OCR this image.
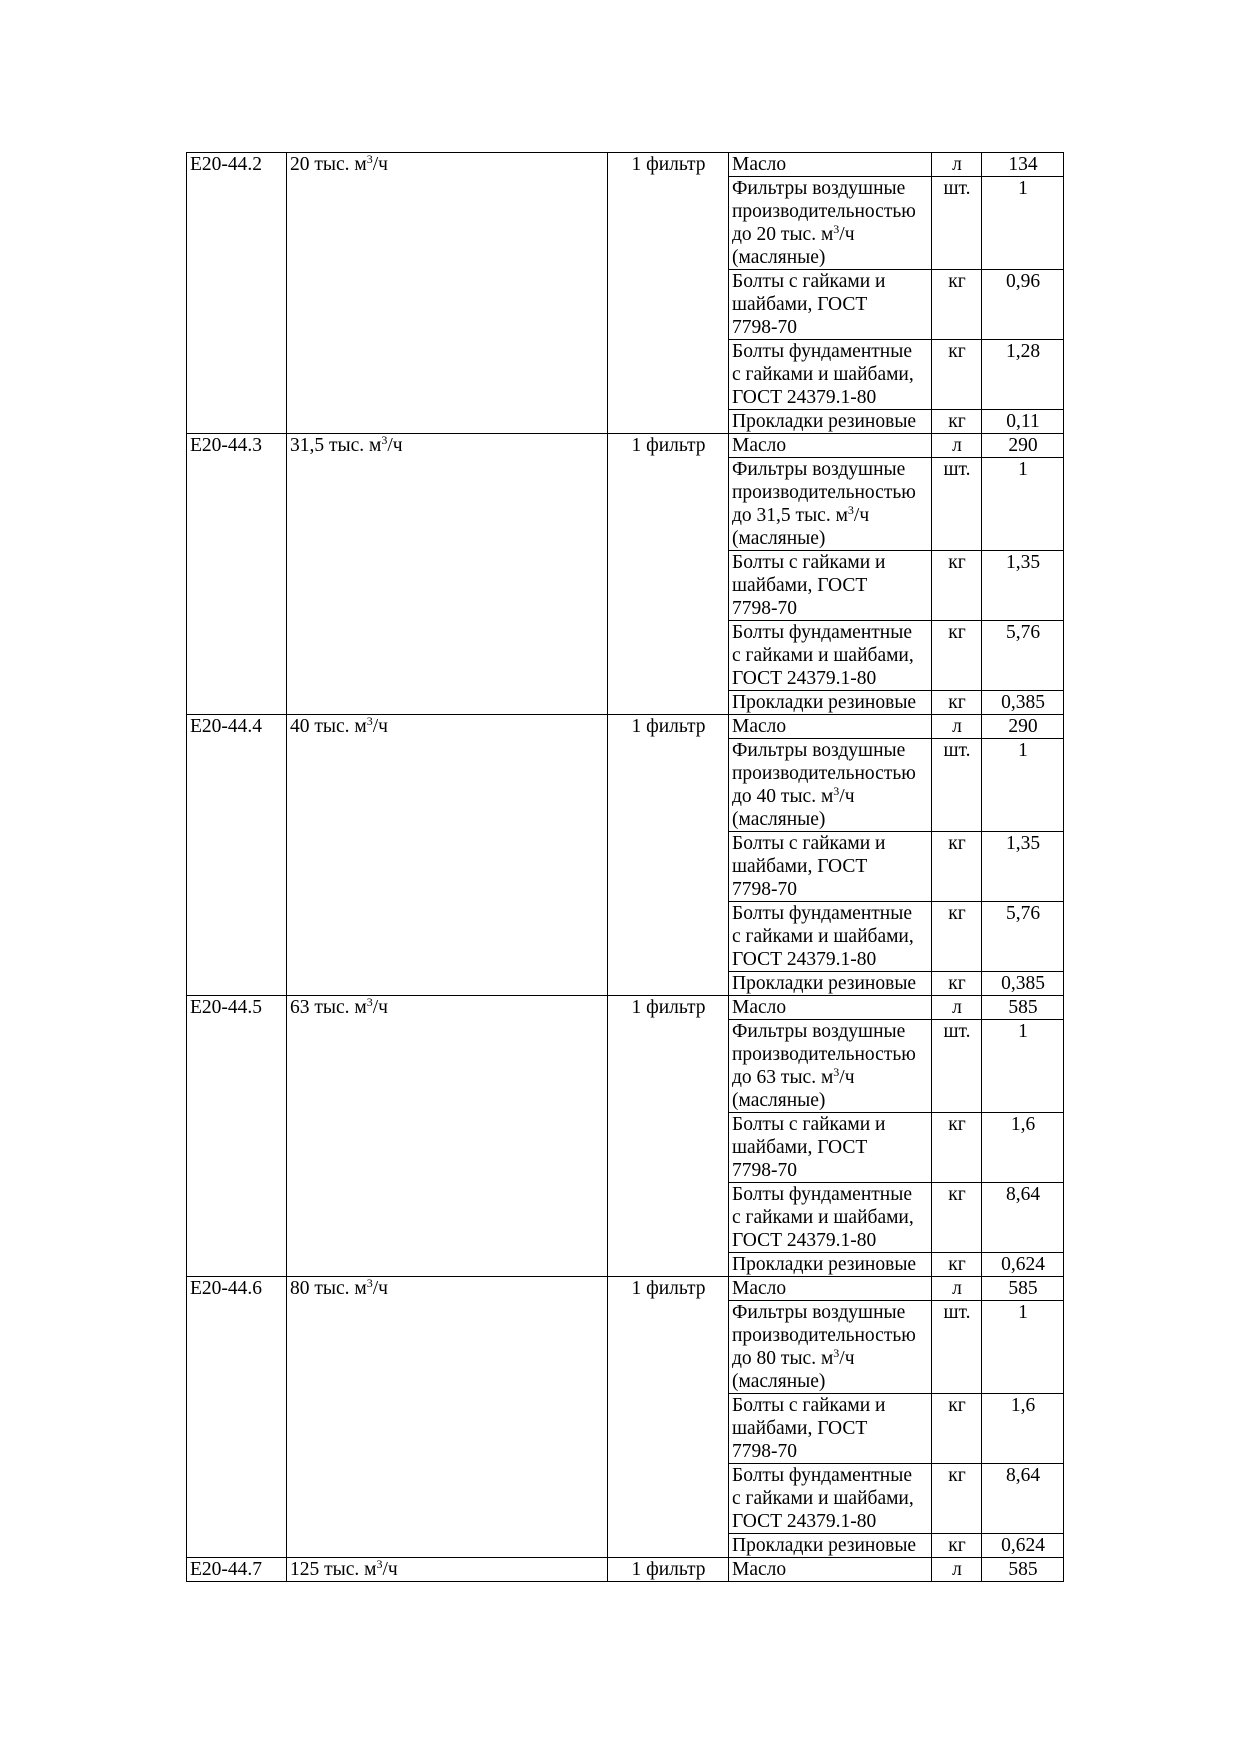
Е20-44.2	20 тыс. $м^3/ч$	1 фильтр	Масло	л	134

			Фильтры воздушные
производительностью
до 20 тыс. $м^3/ч$
(масляные)	шт.	1

			Болты с гайками и
шайбами, ГОСТ
7798-70	кг	0,96

			Болты фундаментные
с гайками и шайбами,
ГОСТ 24379.1-80	кг	1,28
			Прокладки резиновые	кг	0,11
Е20-44.3	31,5 тыс. $м^3/ч$	1 фильтр	Масло	л	290

			Фильтры воздушные
производительностью
до 31,5 тыс. $м^3/ч$
(масляные)	шт.	1

			Болты с гайками и
шайбами, ГОСТ
7798-70	кг	1,35

			Болты фундаментные
с гайками и шайбами,
ГОСТ 24379.1-80	кг	5,76
			Прокладки резиновые	кг	0,385
Е20-44.4	40 тыс. $м^3/ч$	1 фильтр	Масло	л	290

			Фильтры воздушные
производительностью
до 40 тыс. $м^3/ч$
(масляные)	шт.	1

			Болты с гайками и
шайбами, ГОСТ
7798-70	кг	1,35

			Болты фундаментные
с гайками и шайбами,
ГОСТ 24379.1-80	кг	5,76
			Прокладки резиновые	кг	0,385
Е20-44.5	63 тыс. $м^3/ч$	1 фильтр	Масло	л	585

			Фильтры воздушные
производительностью
до 63 тыс. $м^3/ч$
(масляные)	шт.	1

			Болты с гайками и
шайбами, ГОСТ
7798-70	кг	1,6

			Болты фундаментные
с гайками и шайбами,
ГОСТ 24379.1-80	кг	8,64
			Прокладки резиновые	кг	0,624
Е20-44.6	80 тыс. $м^3/ч$	1 фильтр	Масло	л	585

			Фильтры воздушные
производительностью
до 80 тыс. $м^3/ч$
(масляные)	шт.	1

			Болты с гайками и
шайбами, ГОСТ
7798-70	кг	1,6

			Болты фундаментные
с гайками и шайбами,
ГОСТ 24379.1-80	кг	8,64
			Прокладки резиновые	кг	0,624
Е20-44.7	125 тыс. $м^3/ч$	1 фильтр	Масло	л	585
